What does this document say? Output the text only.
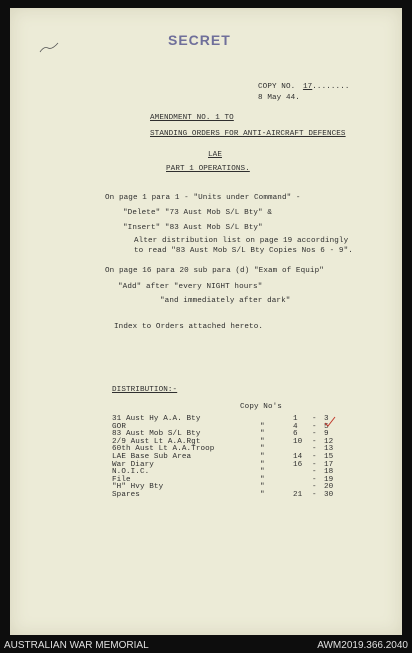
SECRET
COPY NO. 17........
8 May 44.
AMENDMENT NO. 1 TO
STANDING ORDERS FOR ANTI-AIRCRAFT DEFENCES
LAE
PART 1 OPERATIONS.
On page 1 para 1 - "Units under Command" -
"Delete" "73 Aust Mob S/L Bty" &
"Insert" "83 Aust Mob S/L Bty"
Alter distribution list on page 19 accordingly
to read "83 Aust Mob S/L Bty Copies Nos 6 - 9".
On page 16 para 20 sub para (d) "Exam of Equip"
"Add" after "every NIGHT hours"
"and immediately after dark"
Index to Orders attached hereto.
DISTRIBUTION:-
Copy No's
31 Aust Hy A.A. Bty	1 - 3
GOR	"	4 - 5
83 Aust Mob S/L Bty	"	6 - 9
2/9 Aust Lt A.A.Rgt	"	10 - 12
60th Aust Lt A.A.Troop	"	- 13
LAE Base Sub Area	"	14 - 15
War Diary	"	16 - 17
N.O.I.C.	"	- 18
File	"	- 19
"H" Hvy Bty	"	- 20
Spares	"	21 - 30
AUSTRALIAN WAR MEMORIAL	AWM2019.366.2040
